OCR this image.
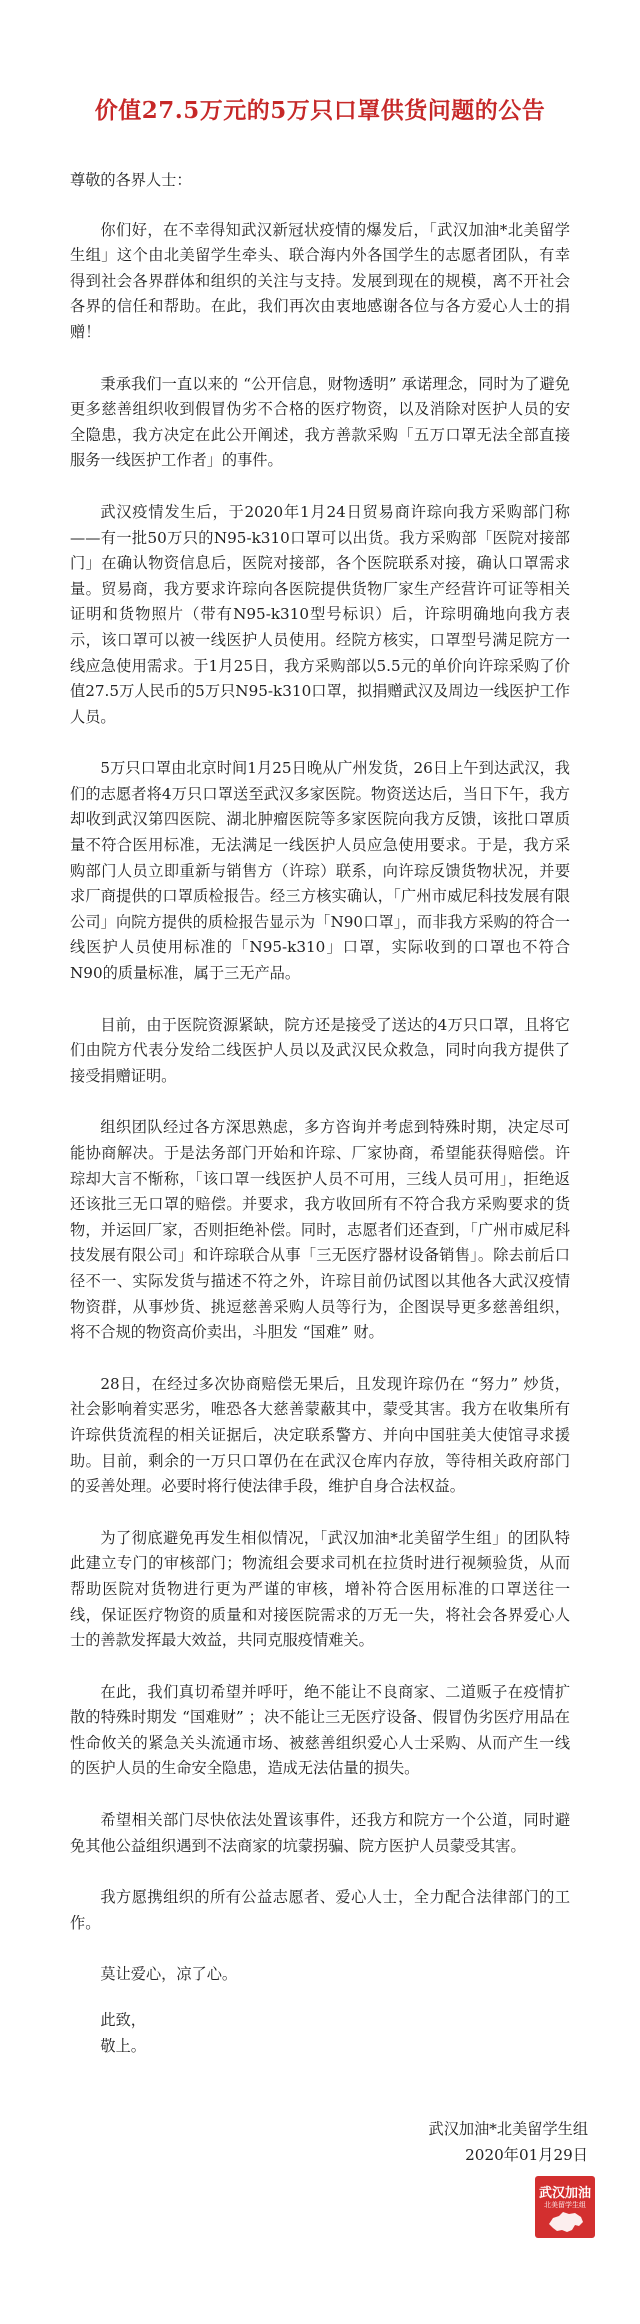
价值27.5万元的5万只口罩供货问题的公告

尊敬的各界人士：

你们好，在不幸得知武汉新冠状疫情的爆发后，「武汉加油*北美留学生组」这个由北美留学生牵头、联合海内外各国学生的志愿者团队，有幸得到社会各界群体和组织的关注与支持。发展到现在的规模，离不开社会各界的信任和帮助。在此，我们再次由衷地感谢各位与各方爱心人士的捐赠！

秉承我们一直以来的 “公开信息，财物透明” 承诺理念，同时为了避免更多慈善组织收到假冒伪劣不合格的医疗物资，以及消除对医护人员的安全隐患，我方决定在此公开阐述，我方善款采购「五万口罩无法全部直接服务一线医护工作者」的事件。

武汉疫情发生后，于2020年1月24日贸易商许琮向我方采购部门称——有一批50万只的N95-k310口罩可以出货。我方采购部「医院对接部门」在确认物资信息后，医院对接部，各个医院联系对接，确认口罩需求量。贸易商，我方要求许琮向各医院提供货物厂家生产经营许可证等相关证明和货物照片（带有N95-k310型号标识）后，许琮明确地向我方表示，该口罩可以被一线医护人员使用。经院方核实，口罩型号满足院方一线应急使用需求。于1月25日，我方采购部以5.5元的单价向许琮采购了价值27.5万人民币的5万只N95-k310口罩，拟捐赠武汉及周边一线医护工作人员。

5万只口罩由北京时间1月25日晚从广州发货，26日上午到达武汉，我们的志愿者将4万只口罩送至武汉多家医院。物资送达后，当日下午，我方却收到武汉第四医院、湖北肿瘤医院等多家医院向我方反馈，该批口罩质量不符合医用标准，无法满足一线医护人员应急使用要求。于是，我方采购部门人员立即重新与销售方（许琮）联系，向许琮反馈货物状况，并要求厂商提供的口罩质检报告。经三方核实确认，「广州市威尼科技发展有限公司」向院方提供的质检报告显示为「N90口罩」，而非我方采购的符合一线医护人员使用标准的「N95-k310」口罩，实际收到的口罩也不符合N90的质量标准，属于三无产品。

目前，由于医院资源紧缺，院方还是接受了送达的4万只口罩，且将它们由院方代表分发给二线医护人员以及武汉民众救急，同时向我方提供了接受捐赠证明。

组织团队经过各方深思熟虑，多方咨询并考虑到特殊时期，决定尽可能协商解决。于是法务部门开始和许琮、厂家协商，希望能获得赔偿。许琮却大言不惭称，「该口罩一线医护人员不可用，三线人员可用」，拒绝返还该批三无口罩的赔偿。并要求，我方收回所有不符合我方采购要求的货物，并运回厂家，否则拒绝补偿。同时，志愿者们还查到，「广州市威尼科技发展有限公司」和许琮联合从事「三无医疗器材设备销售」。除去前后口径不一、实际发货与描述不符之外，许琮目前仍试图以其他各大武汉疫情物资群，从事炒货、挑逗慈善采购人员等行为，企图误导更多慈善组织，将不合规的物资高价卖出，斗胆发 “国难” 财。

28日，在经过多次协商赔偿无果后，且发现许琮仍在 “努力” 炒货，社会影响着实恶劣，唯恐各大慈善蒙蔽其中，蒙受其害。我方在收集所有许琮供货流程的相关证据后，决定联系警方、并向中国驻美大使馆寻求援助。目前，剩余的一万只口罩仍在在武汉仓库内存放，等待相关政府部门的妥善处理。必要时将行使法律手段，维护自身合法权益。

为了彻底避免再发生相似情况，「武汉加油*北美留学生组」的团队特此建立专门的审核部门；物流组会要求司机在拉货时进行视频验货，从而帮助医院对货物进行更为严谨的审核，增补符合医用标准的口罩送往一线，保证医疗物资的质量和对接医院需求的万无一失，将社会各界爱心人士的善款发挥最大效益，共同克服疫情难关。

在此，我们真切希望并呼吁，绝不能让不良商家、二道贩子在疫情扩散的特殊时期发 “国难财” ；决不能让三无医疗设备、假冒伪劣医疗用品在性命攸关的紧急关头流通市场、被慈善组织爱心人士采购、从而产生一线的医护人员的生命安全隐患，造成无法估量的损失。

希望相关部门尽快依法处置该事件，还我方和院方一个公道，同时避免其他公益组织遇到不法商家的坑蒙拐骗、院方医护人员蒙受其害。

我方愿携组织的所有公益志愿者、爱心人士，全力配合法律部门的工作。

莫让爱心，凉了心。

此致，

敬上。

武汉加油*北美留学生组
2020年01月29日
武汉加油
北美留学生组
